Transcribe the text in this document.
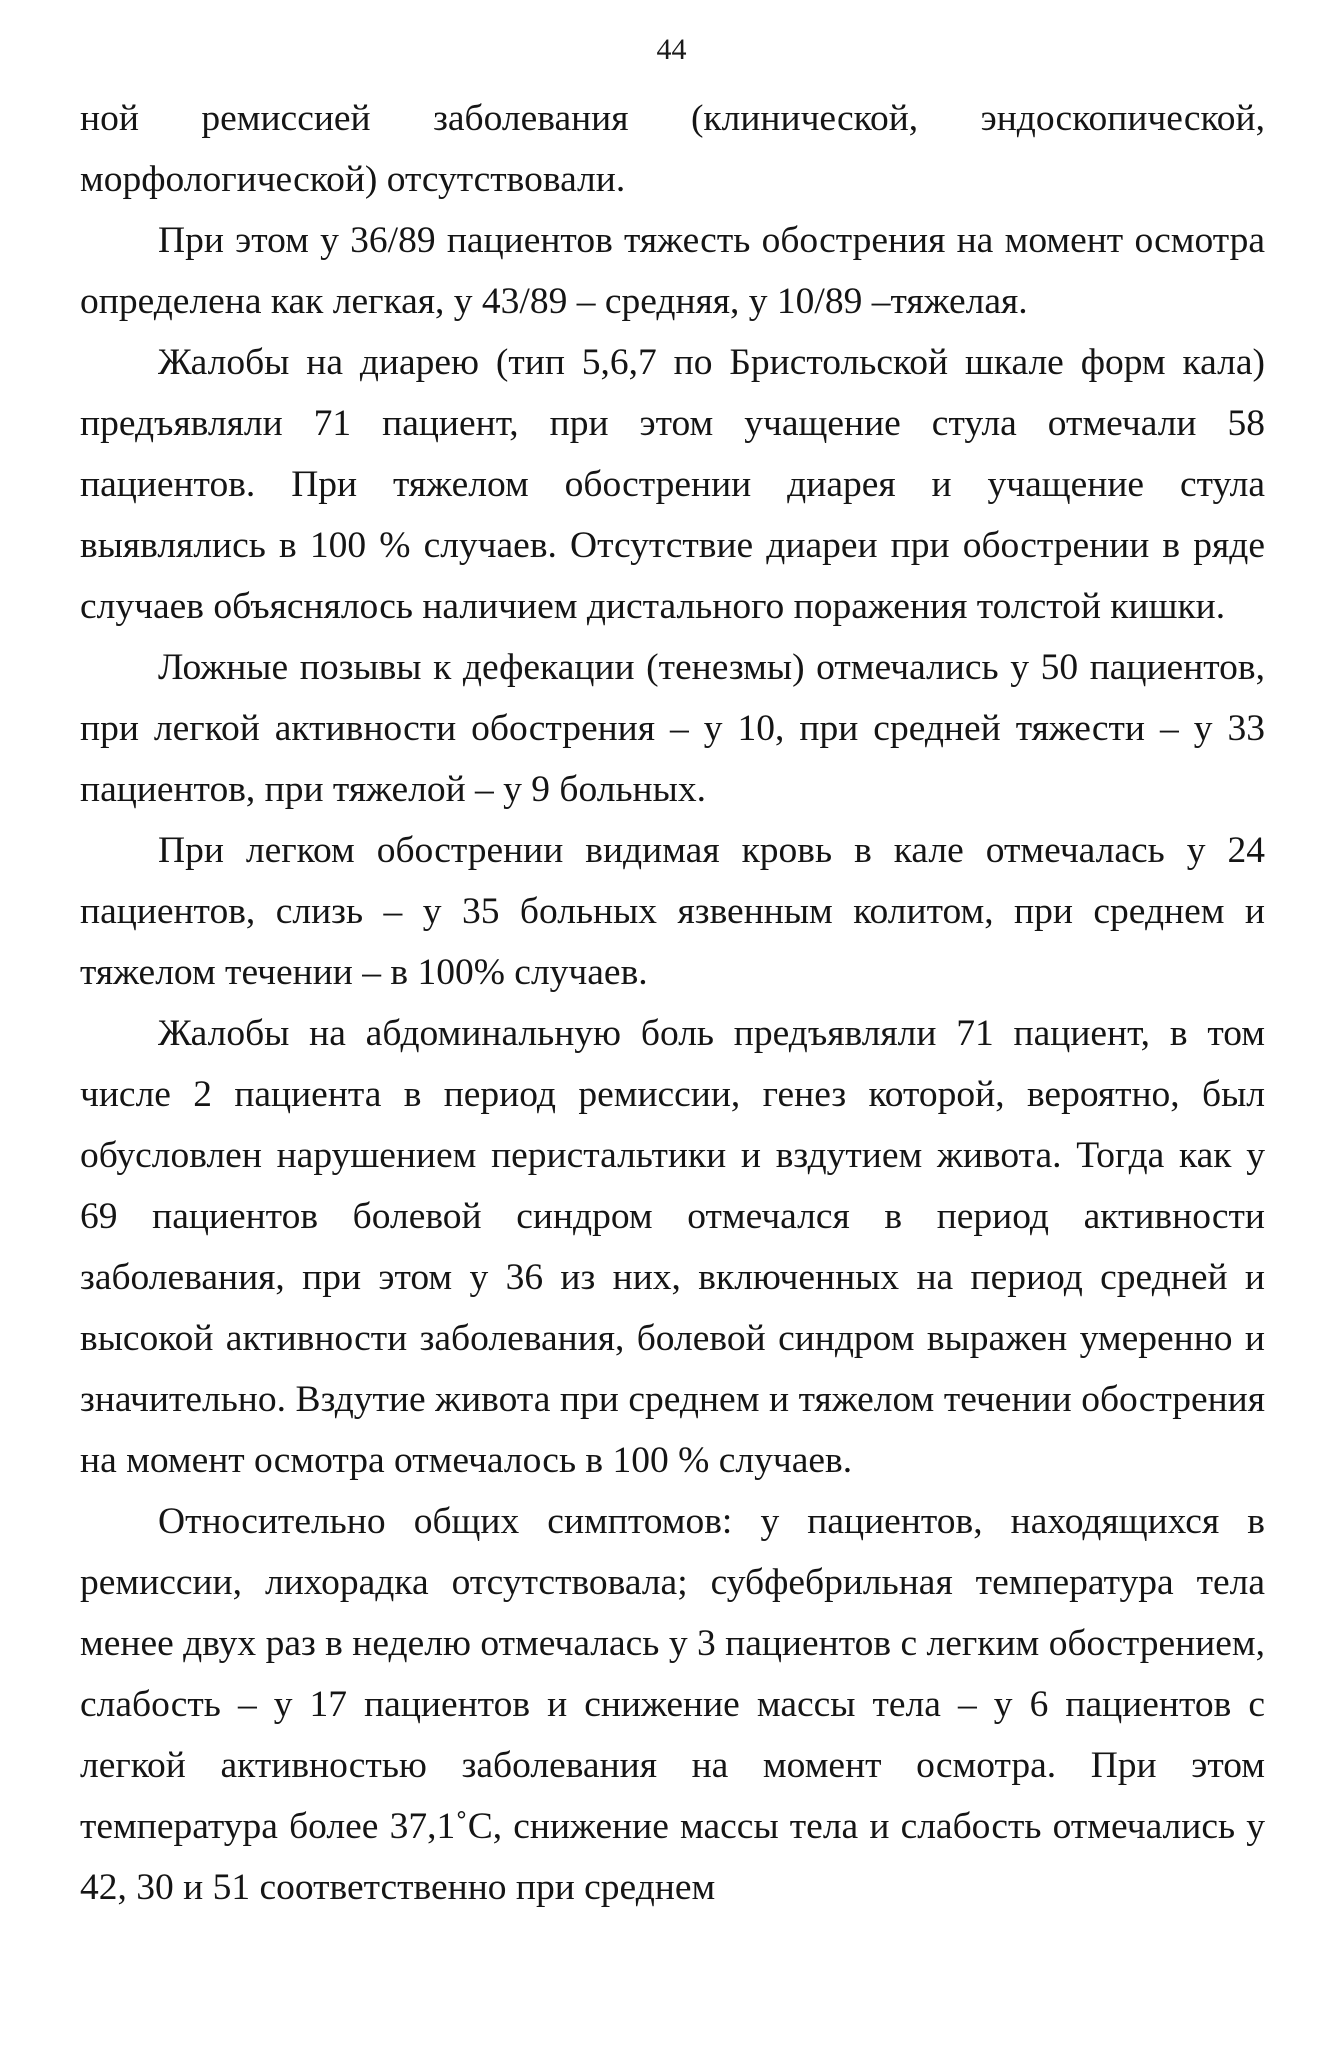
44

ной ремиссией заболевания (клинической, эндоскопической, морфологической) отсутствовали.

При этом у 36/89 пациентов тяжесть обострения на момент осмотра определена как легкая, у 43/89 – средняя, у 10/89 –тяжелая.

Жалобы на диарею (тип 5,6,7 по Бристольской шкале форм кала) предъявляли 71 пациент, при этом учащение стула отмечали 58 пациентов. При тяжелом обострении диарея и учащение стула выявлялись в 100 % случаев. Отсутствие диареи при обострении в ряде случаев объяснялось наличием дистального поражения толстой кишки.

Ложные позывы к дефекации (тенезмы) отмечались у 50 пациентов, при легкой активности обострения – у 10, при средней тяжести – у 33 пациентов, при тяжелой – у 9 больных.

При легком обострении видимая кровь в кале отмечалась у 24 пациентов, слизь – у 35 больных язвенным колитом, при среднем и тяжелом течении – в 100% случаев.

Жалобы на абдоминальную боль предъявляли 71 пациент, в том числе 2 пациента в период ремиссии, генез которой, вероятно, был обусловлен нарушением перистальтики и вздутием живота. Тогда как у 69 пациентов болевой синдром отмечался в период активности заболевания, при этом у 36 из них, включенных на период средней и высокой активности заболевания, болевой синдром выражен умеренно и значительно. Вздутие живота при среднем и тяжелом течении обострения на момент осмотра отмечалось в 100 % случаев.

Относительно общих симптомов: у пациентов, находящихся в ремиссии, лихорадка отсутствовала; субфебрильная температура тела менее двух раз в неделю отмечалась у 3 пациентов с легким обострением, слабость – у 17 пациентов и снижение массы тела – у 6 пациентов с легкой активностью заболевания на момент осмотра. При этом температура более 37,1˚С, снижение массы тела и слабость отмечались у 42, 30 и 51 соответственно при среднем
